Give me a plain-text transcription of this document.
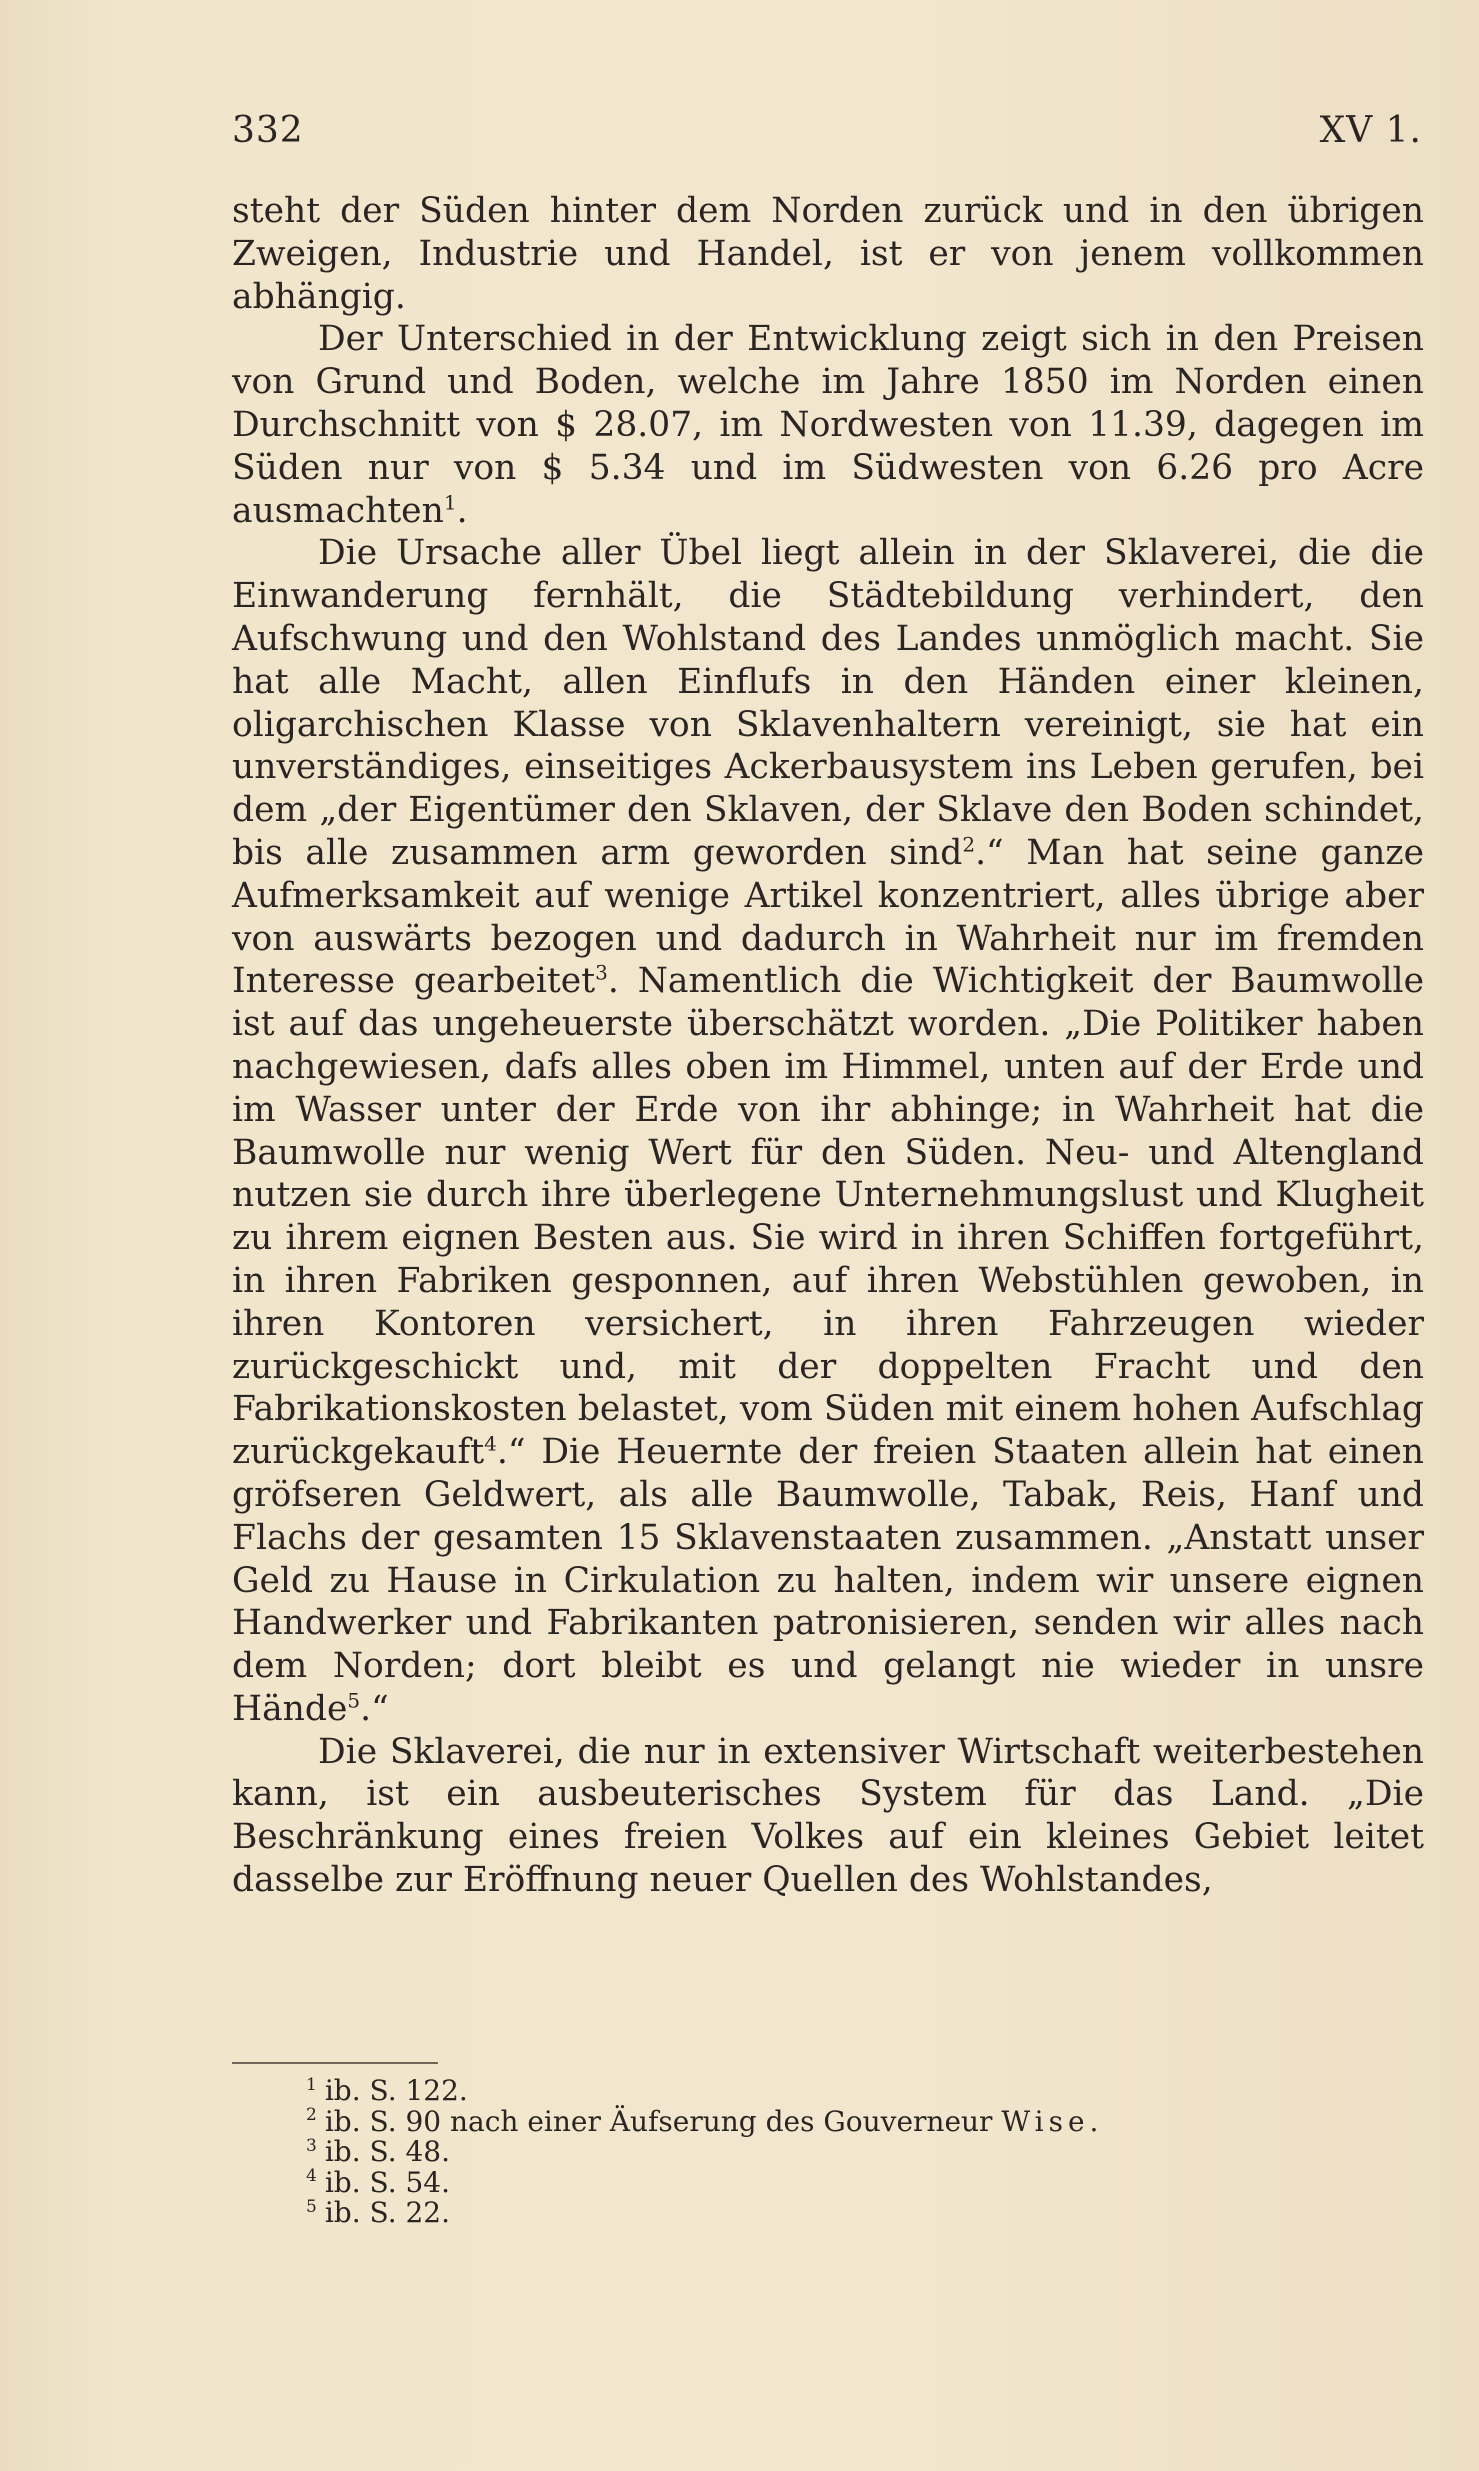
332	XV 1.

steht der Süden hinter dem Norden zurück und in den übrigen Zweigen, Industrie und Handel, ist er von jenem vollkommen abhängig.

Der Unterschied in der Entwicklung zeigt sich in den Preisen von Grund und Boden, welche im Jahre 1850 im Norden einen Durchschnitt von $ 28.07, im Nordwesten von 11.39, dagegen im Süden nur von $ 5.34 und im Südwesten von 6.26 pro Acre ausmachten$^1$.

Die Ursache aller Übel liegt allein in der Sklaverei, die die Einwanderung fernhält, die Städtebildung verhindert, den Aufschwung und den Wohlstand des Landes unmöglich macht. Sie hat alle Macht, allen Einflufs in den Händen einer kleinen, oligarchischen Klasse von Sklavenhaltern vereinigt, sie hat ein unverständiges, einseitiges Ackerbausystem ins Leben gerufen, bei dem „der Eigentümer den Sklaven, der Sklave den Boden schindet, bis alle zusammen arm geworden sind$^2$.“ Man hat seine ganze Aufmerksamkeit auf wenige Artikel konzentriert, alles übrige aber von auswärts bezogen und dadurch in Wahrheit nur im fremden Interesse gearbeitet$^3$. Namentlich die Wichtigkeit der Baumwolle ist auf das ungeheuerste überschätzt worden. „Die Politiker haben nachgewiesen, dafs alles oben im Himmel, unten auf der Erde und im Wasser unter der Erde von ihr abhinge; in Wahrheit hat die Baumwolle nur wenig Wert für den Süden. Neu- und Altengland nutzen sie durch ihre überlegene Unternehmungslust und Klugheit zu ihrem eignen Besten aus. Sie wird in ihren Schiffen fortgeführt, in ihren Fabriken gesponnen, auf ihren Webstühlen gewoben, in ihren Kontoren versichert, in ihren Fahrzeugen wieder zurückgeschickt und, mit der doppelten Fracht und den Fabrikationskosten belastet, vom Süden mit einem hohen Aufschlag zurückgekauft$^4$.“ Die Heuernte der freien Staaten allein hat einen gröfseren Geldwert, als alle Baumwolle, Tabak, Reis, Hanf und Flachs der gesamten 15 Sklavenstaaten zusammen. „Anstatt unser Geld zu Hause in Cirkulation zu halten, indem wir unsere eignen Handwerker und Fabrikanten patronisieren, senden wir alles nach dem Norden; dort bleibt es und gelangt nie wieder in unsre Hände$^5$.“

Die Sklaverei, die nur in extensiver Wirtschaft weiterbestehen kann, ist ein ausbeuterisches System für das Land. „Die Beschränkung eines freien Volkes auf ein kleines Gebiet leitet dasselbe zur Eröffnung neuer Quellen des Wohlstandes,

$^1$ ib. S. 122.
$^2$ ib. S. 90 nach einer Äufserung des Gouverneur Wise.
$^3$ ib. S. 48.
$^4$ ib. S. 54.
$^5$ ib. S. 22.
